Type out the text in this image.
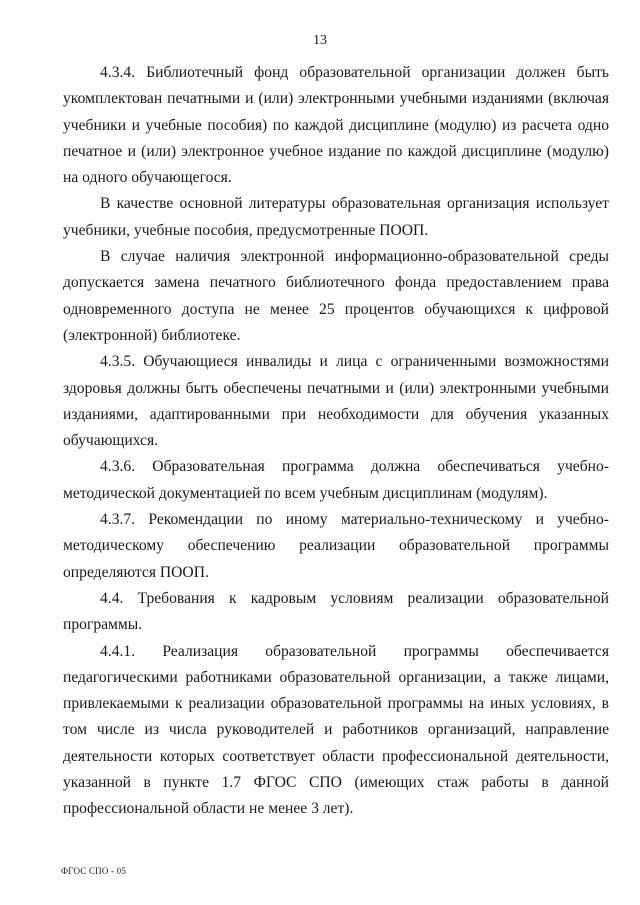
13

4.3.4. Библиотечный фонд образовательной организации должен быть укомплектован печатными и (или) электронными учебными изданиями (включая учебники и учебные пособия) по каждой дисциплине (модулю) из расчета одно печатное и (или) электронное учебное издание по каждой дисциплине (модулю) на одного обучающегося.

В качестве основной литературы образовательная организация использует учебники, учебные пособия, предусмотренные ПООП.

В случае наличия электронной информационно-образовательной среды допускается замена печатного библиотечного фонда предоставлением права одновременного доступа не менее 25 процентов обучающихся к цифровой (электронной) библиотеке.

4.3.5. Обучающиеся инвалиды и лица с ограниченными возможностями здоровья должны быть обеспечены печатными и (или) электронными учебными изданиями, адаптированными при необходимости для обучения указанных обучающихся.

4.3.6. Образовательная программа должна обеспечиваться учебно-методической документацией по всем учебным дисциплинам (модулям).

4.3.7. Рекомендации по иному материально-техническому и учебно-методическому обеспечению реализации образовательной программы определяются ПООП.

4.4. Требования к кадровым условиям реализации образовательной программы.

4.4.1. Реализация образовательной программы обеспечивается педагогическими работниками образовательной организации, а также лицами, привлекаемыми к реализации образовательной программы на иных условиях, в том числе из числа руководителей и работников организаций, направление деятельности которых соответствует области профессиональной деятельности, указанной в пункте 1.7 ФГОС СПО (имеющих стаж работы в данной профессиональной области не менее 3 лет).

ФГОС СПО - 05
